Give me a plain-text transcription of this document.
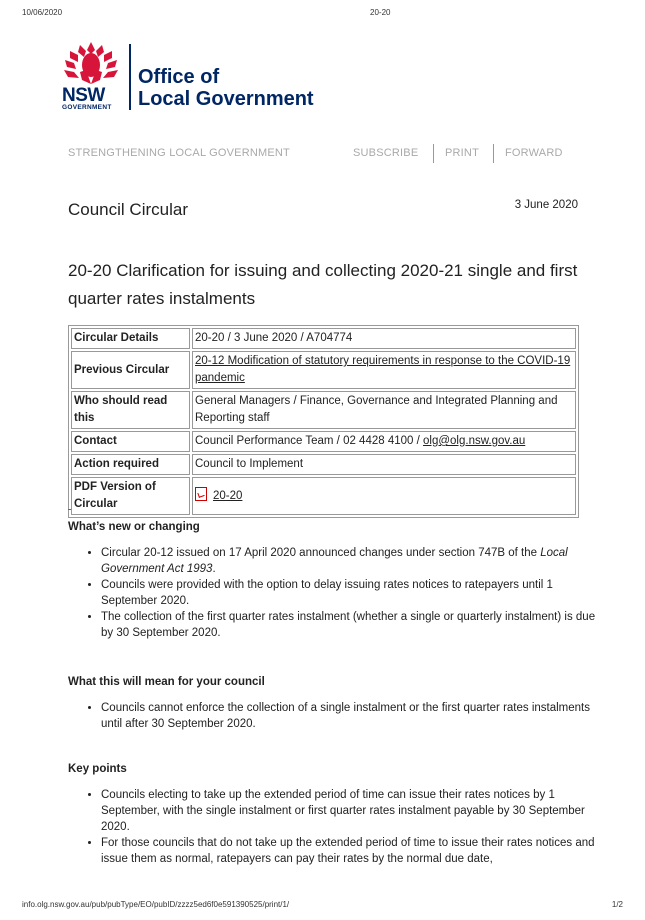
10/06/2020	20-20
NSW
GOVERNMENT
Office of
Local Government
STRENGTHENING LOCAL GOVERNMENT	SUBSCRIBE PRINT FORWARD
Council Circular	3 June 2020
20-20 Clarification for issuing and collecting 2020-21 single and first quarter rates instalments
Circular Details	20-20 / 3 June 2020 / A704774
Previous Circular	20-12 Modification of statutory requirements in response to the COVID-19 pandemic
Who should read this	General Managers / Finance, Governance and Integrated Planning and Reporting staff
Contact	Council Performance Team / 02 4428 4100 / olg@olg.nsw.gov.au
Action required	Council to Implement
PDF Version of Circular	20-20
What’s new or changing
• Circular 20-12 issued on 17 April 2020 announced changes under section 747B of the Local Government Act 1993.
• Councils were provided with the option to delay issuing rates notices to ratepayers until 1 September 2020.
• The collection of the first quarter rates instalment (whether a single or quarterly instalment) is due by 30 September 2020.
What this will mean for your council
• Councils cannot enforce the collection of a single instalment or the first quarter rates instalments until after 30 September 2020.
Key points
• Councils electing to take up the extended period of time can issue their rates notices by 1 September, with the single instalment or first quarter rates instalment payable by 30 September 2020.
• For those councils that do not take up the extended period of time to issue their rates notices and issue them as normal, ratepayers can pay their rates by the normal due date,
info.olg.nsw.gov.au/pub/pubType/EO/pubID/zzzz5ed6f0e591390525/print/1/	1/2
